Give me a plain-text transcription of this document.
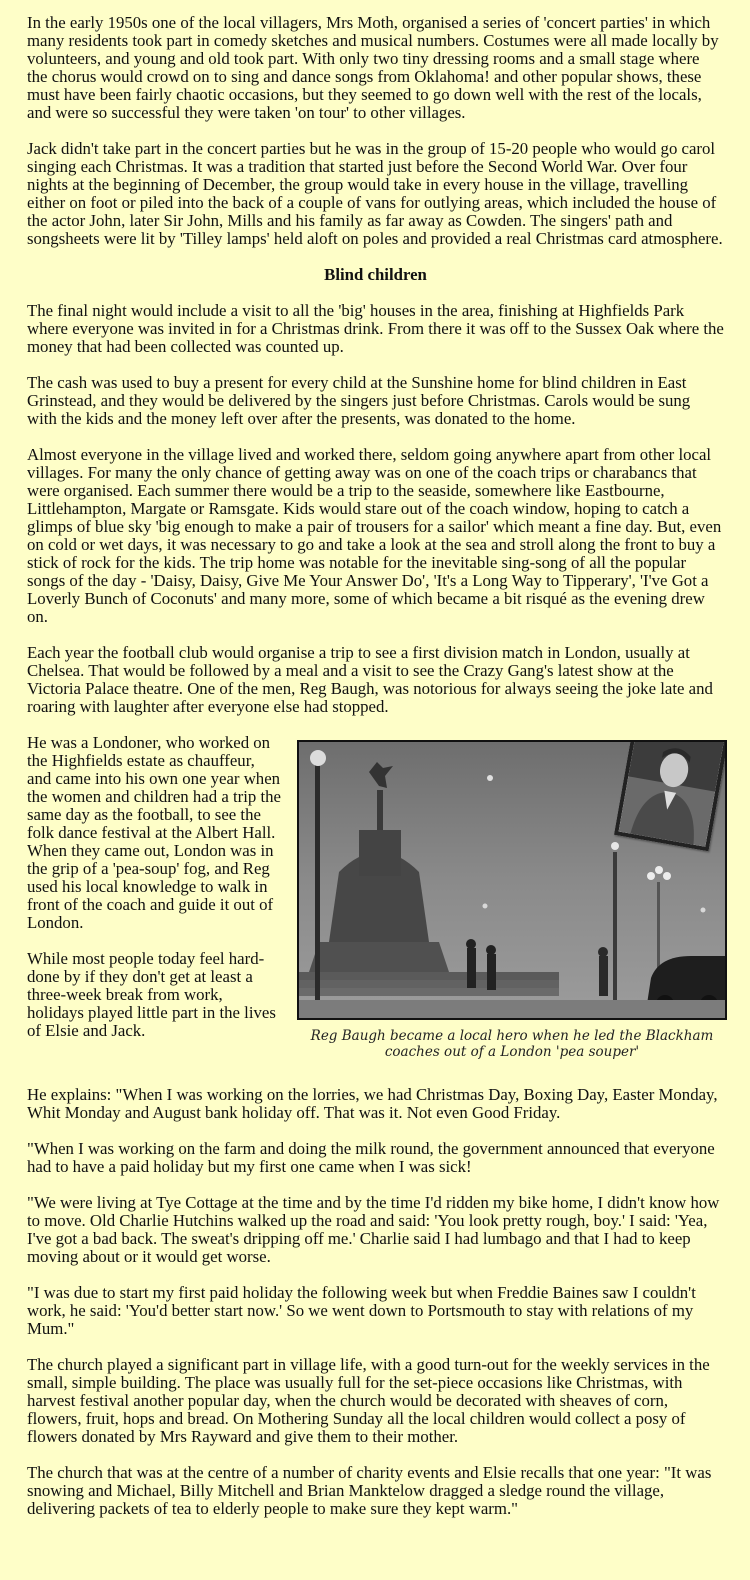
In the early 1950s one of the local villagers, Mrs Moth, organised a series of 'concert parties' in which many residents took part in comedy sketches and musical numbers. Costumes were all made locally by volunteers, and young and old took part. With only two tiny dressing rooms and a small stage where the chorus would crowd on to sing and dance songs from Oklahoma! and other popular shows, these must have been fairly chaotic occasions, but they seemed to go down well with the rest of the locals, and were so successful they were taken 'on tour' to other villages.

Jack didn't take part in the concert parties but he was in the group of 15-20 people who would go carol singing each Christmas. It was a tradition that started just before the Second World War. Over four nights at the beginning of December, the group would take in every house in the village, travelling either on foot or piled into the back of a couple of vans for outlying areas, which included the house of the actor John, later Sir John, Mills and his family as far away as Cowden. The singers' path and songsheets were lit by 'Tilley lamps' held aloft on poles and provided a real Christmas card atmosphere.

Blind children

The final night would include a visit to all the 'big' houses in the area, finishing at Highfields Park where everyone was invited in for a Christmas drink. From there it was off to the Sussex Oak where the money that had been collected was counted up.

The cash was used to buy a present for every child at the Sunshine home for blind children in East Grinstead, and they would be delivered by the singers just before Christmas. Carols would be sung with the kids and the money left over after the presents, was donated to the home.

Almost everyone in the village lived and worked there, seldom going anywhere apart from other local villages. For many the only chance of getting away was on one of the coach trips or charabancs that were organised. Each summer there would be a trip to the seaside, somewhere like Eastbourne, Littlehampton, Margate or Ramsgate. Kids would stare out of the coach window, hoping to catch a glimps of blue sky 'big enough to make a pair of trousers for a sailor' which meant a fine day. But, even on cold or wet days, it was necessary to go and take a look at the sea and stroll along the front to buy a stick of rock for the kids. The trip home was notable for the inevitable sing-song of all the popular songs of the day - 'Daisy, Daisy, Give Me Your Answer Do', 'It's a Long Way to Tipperary', 'I've Got a Loverly Bunch of Coconuts' and many more, some of which became a bit risqué as the evening drew on.

Each year the football club would organise a trip to see a first division match in London, usually at Chelsea. That would be followed by a meal and a visit to see the Crazy Gang's latest show at the Victoria Palace theatre. One of the men, Reg Baugh, was notorious for always seeing the joke late and roaring with laughter after everyone else had stopped.

He was a Londoner, who worked on the Highfields estate as chauffeur, and came into his own one year when the women and children had a trip the same day as the football, to see the folk dance festival at the Albert Hall. When they came out, London was in the grip of a 'pea-soup' fog, and Reg used his local knowledge to walk in front of the coach and guide it out of London.

While most people today feel hard-done by if they don't get at least a three-week break from work, holidays played little part in the lives of Elsie and Jack.	Reg Baugh became a local hero when he led the Blackham coaches out of a London 'pea souper'

He explains: "When I was working on the lorries, we had Christmas Day, Boxing Day, Easter Monday, Whit Monday and August bank holiday off. That was it. Not even Good Friday.

"When I was working on the farm and doing the milk round, the government announced that everyone had to have a paid holiday but my first one came when I was sick!

"We were living at Tye Cottage at the time and by the time I'd ridden my bike home, I didn't know how to move. Old Charlie Hutchins walked up the road and said: 'You look pretty rough, boy.' I said: 'Yea, I've got a bad back. The sweat's dripping off me.' Charlie said I had lumbago and that I had to keep moving about or it would get worse.

"I was due to start my first paid holiday the following week but when Freddie Baines saw I couldn't work, he said: 'You'd better start now.' So we went down to Portsmouth to stay with relations of my Mum."

The church played a significant part in village life, with a good turn-out for the weekly services in the small, simple building. The place was usually full for the set-piece occasions like Christmas, with harvest festival another popular day, when the church would be decorated with sheaves of corn, flowers, fruit, hops and bread. On Mothering Sunday all the local children would collect a posy of flowers donated by Mrs Rayward and give them to their mother.

The church that was at the centre of a number of charity events and Elsie recalls that one year: "It was snowing and Michael, Billy Mitchell and Brian Manktelow dragged a sledge round the village, delivering packets of tea to elderly people to make sure they kept warm."
